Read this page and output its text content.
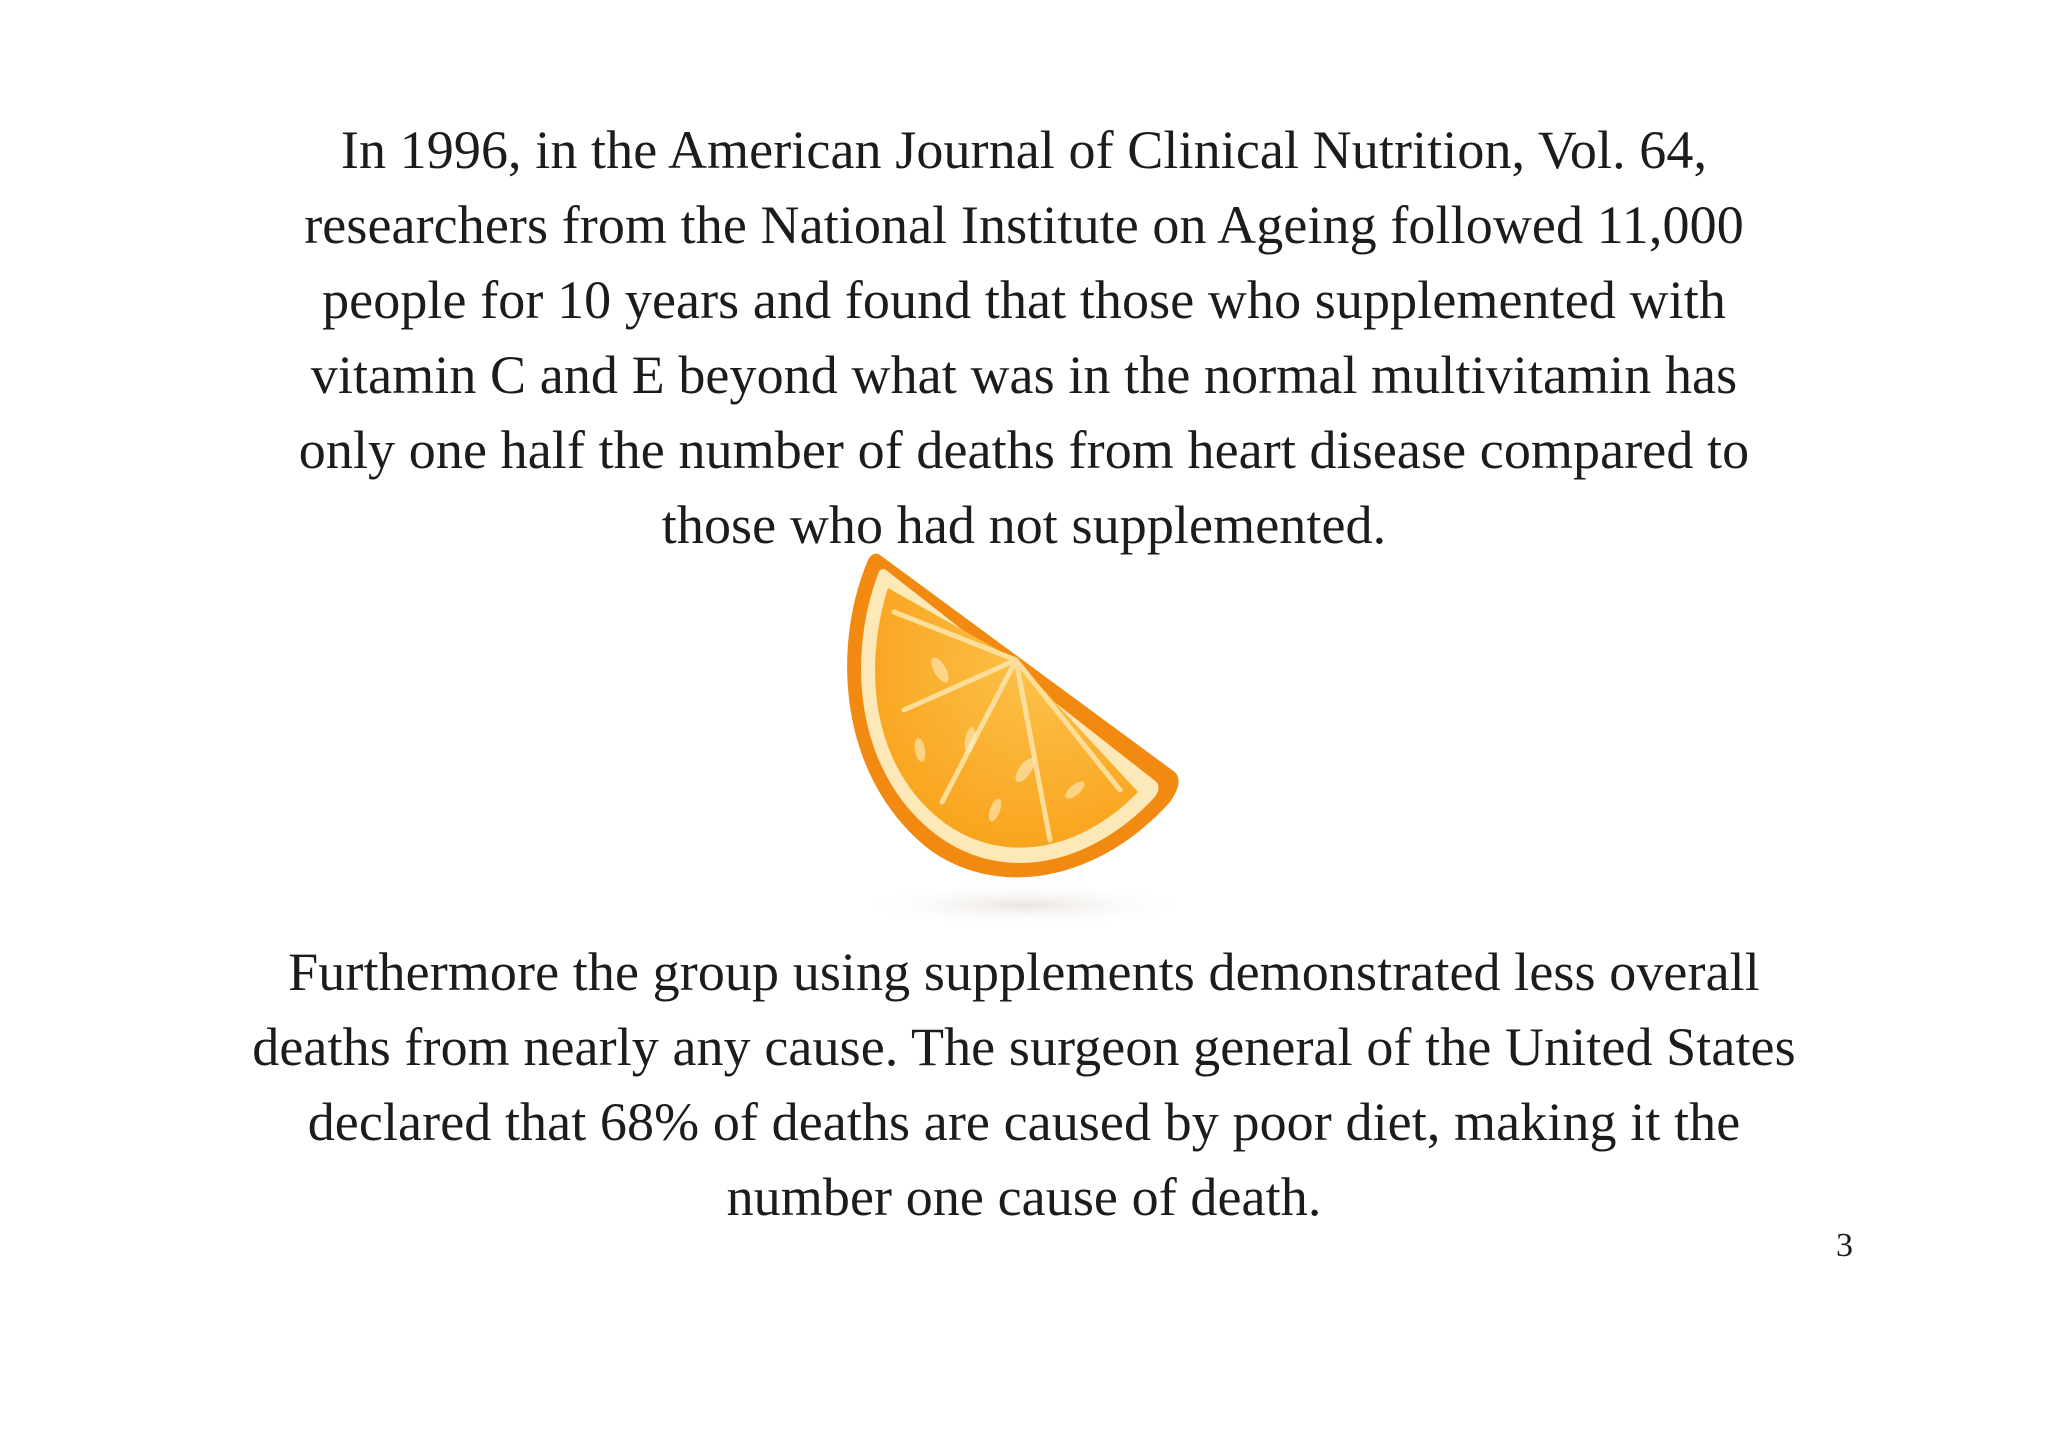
In 1996, in the American Journal of Clinical Nutrition, Vol. 64,
researchers from the National Institute on Ageing followed 11,000
people for 10 years and found that those who supplemented with
vitamin C and E beyond what was in the normal multivitamin has
only one half the number of deaths from heart disease compared to
those who had not supplemented.
Furthermore the group using supplements demonstrated less overall
deaths from nearly any cause. The surgeon general of the United States
declared that 68% of deaths are caused by poor diet, making it the
number one cause of death.
3
